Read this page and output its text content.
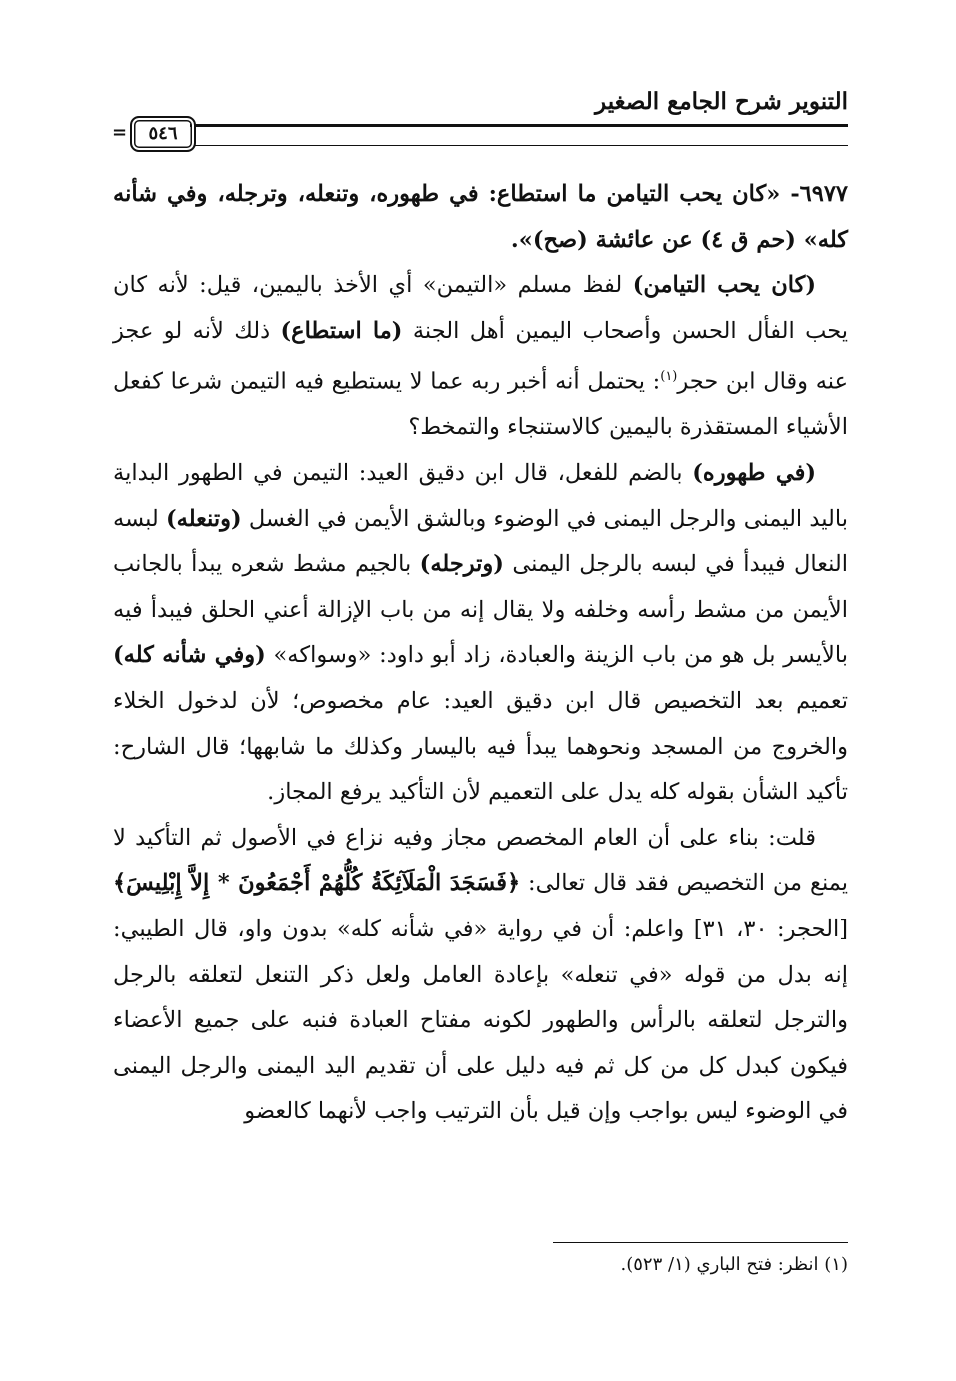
التنوير شرح الجامع الصغير
٥٤٦
=

٦٩٧٧- «كان يحب التيامن ما استطاع: في طهوره، وتنعله، وترجله، وفي شأنه كله» (حم ق ٤) عن عائشة (صح)».

(كان يحب التيامن) لفظ مسلم «التيمن» أي الأخذ باليمين، قيل: لأنه كان يحب الفأل الحسن وأصحاب اليمين أهل الجنة (ما استطاع) ذلك لأنه لو عجز عنه وقال ابن حجر$^{(١)}$: يحتمل أنه أخبر ربه عما لا يستطيع فيه التيمن شرعا كفعل الأشياء المستقذرة باليمين كالاستنجاء والتمخط؟

(في طهوره) بالضم للفعل، قال ابن دقيق العيد: التيمن في الطهور البداية باليد اليمنى والرجل اليمنى في الوضوء وبالشق الأيمن في الغسل (وتنعله) لبسه النعال فيبدأ في لبسه بالرجل اليمنى (وترجله) بالجيم مشط شعره يبدأ بالجانب الأيمن من مشط رأسه وخلفه ولا يقال إنه من باب الإزالة أعني الحلق فيبدأ فيه بالأيسر بل هو من باب الزينة والعبادة، زاد أبو داود: «وسواكه» (وفي شأنه كله) تعميم بعد التخصيص قال ابن دقيق العيد: عام مخصوص؛ لأن لدخول الخلاء والخروج من المسجد ونحوهما يبدأ فيه باليسار وكذلك ما شابهها؛ قال الشارح: تأكيد الشأن بقوله كله يدل على التعميم لأن التأكيد يرفع المجاز.

قلت: بناء على أن العام المخصص مجاز وفيه نزاع في الأصول ثم التأكيد لا يمنع من التخصيص فقد قال تعالى: ﴿فَسَجَدَ الْمَلَآئِكَةُ كُلُّهُمْ أَجْمَعُونَ * إِلاَّ إِبْلِيسَ﴾ [الحجر: ٣٠، ٣١] واعلم: أن في رواية «في شأنه كله» بدون واو، قال الطيبي: إنه بدل من قوله «في تنعله» بإعادة العامل ولعل ذكر التنعل لتعلقه بالرجل والترجل لتعلقه بالرأس والطهور لكونه مفتاح العبادة فنبه على جميع الأعضاء فيكون كبدل كل من كل ثم فيه دليل على أن تقديم اليد اليمنى والرجل اليمنى في الوضوء ليس بواجب وإن قيل بأن الترتيب واجب لأنهما كالعضو

(١) انظر: فتح الباري (١/ ٥٢٣).
